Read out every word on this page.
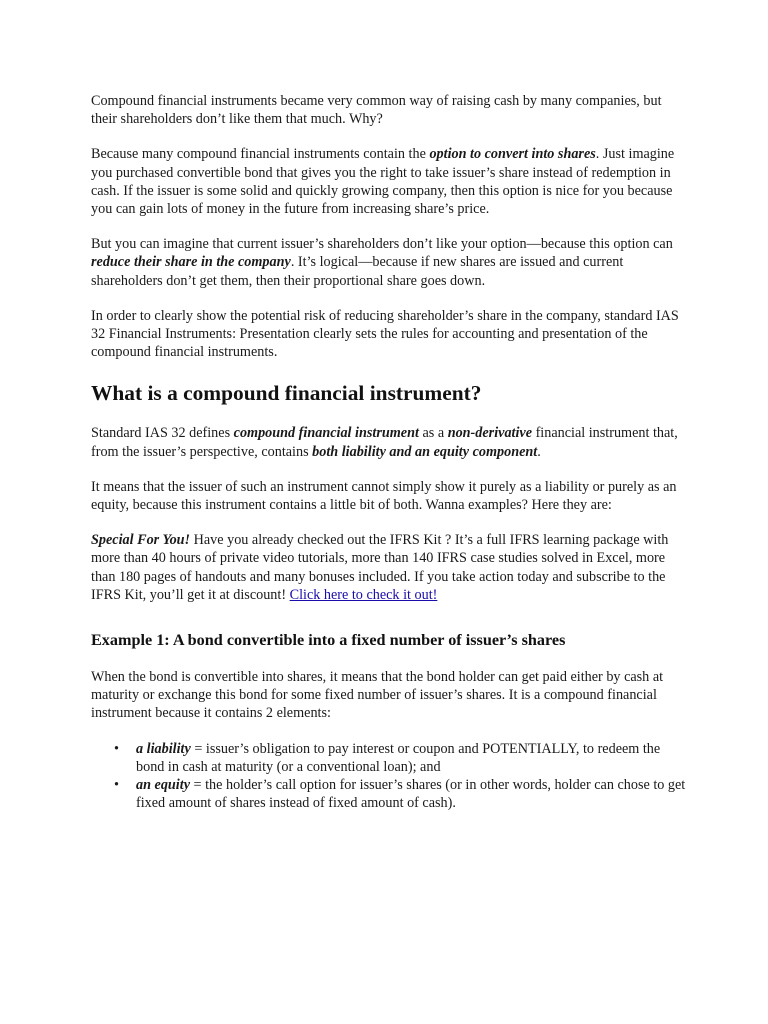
Compound financial instruments became very common way of raising cash by many companies, but their shareholders don’t like them that much. Why?

Because many compound financial instruments contain the option to convert into shares. Just imagine you purchased convertible bond that gives you the right to take issuer’s share instead of redemption in cash. If the issuer is some solid and quickly growing company, then this option is nice for you because you can gain lots of money in the future from increasing share’s price.

But you can imagine that current issuer’s shareholders don’t like your option—because this option can reduce their share in the company. It’s logical—because if new shares are issued and current shareholders don’t get them, then their proportional share goes down.

In order to clearly show the potential risk of reducing shareholder’s share in the company, standard IAS 32 Financial Instruments: Presentation clearly sets the rules for accounting and presentation of the compound financial instruments.

What is a compound financial instrument?

Standard IAS 32 defines compound financial instrument as a non-derivative financial instrument that, from the issuer’s perspective, contains both liability and an equity component.

It means that the issuer of such an instrument cannot simply show it purely as a liability or purely as an equity, because this instrument contains a little bit of both. Wanna examples? Here they are:

Special For You! Have you already checked out the IFRS Kit ? It’s a full IFRS learning package with more than 40 hours of private video tutorials, more than 140 IFRS case studies solved in Excel, more than 180 pages of handouts and many bonuses included. If you take action today and subscribe to the IFRS Kit, you’ll get it at discount! Click here to check it out!

Example 1: A bond convertible into a fixed number of issuer’s shares

When the bond is convertible into shares, it means that the bond holder can get paid either by cash at maturity or exchange this bond for some fixed number of issuer’s shares. It is a compound financial instrument because it contains 2 elements:

• a liability = issuer’s obligation to pay interest or coupon and POTENTIALLY, to redeem the bond in cash at maturity (or a conventional loan); and
• an equity = the holder’s call option for issuer’s shares (or in other words, holder can chose to get fixed amount of shares instead of fixed amount of cash).
